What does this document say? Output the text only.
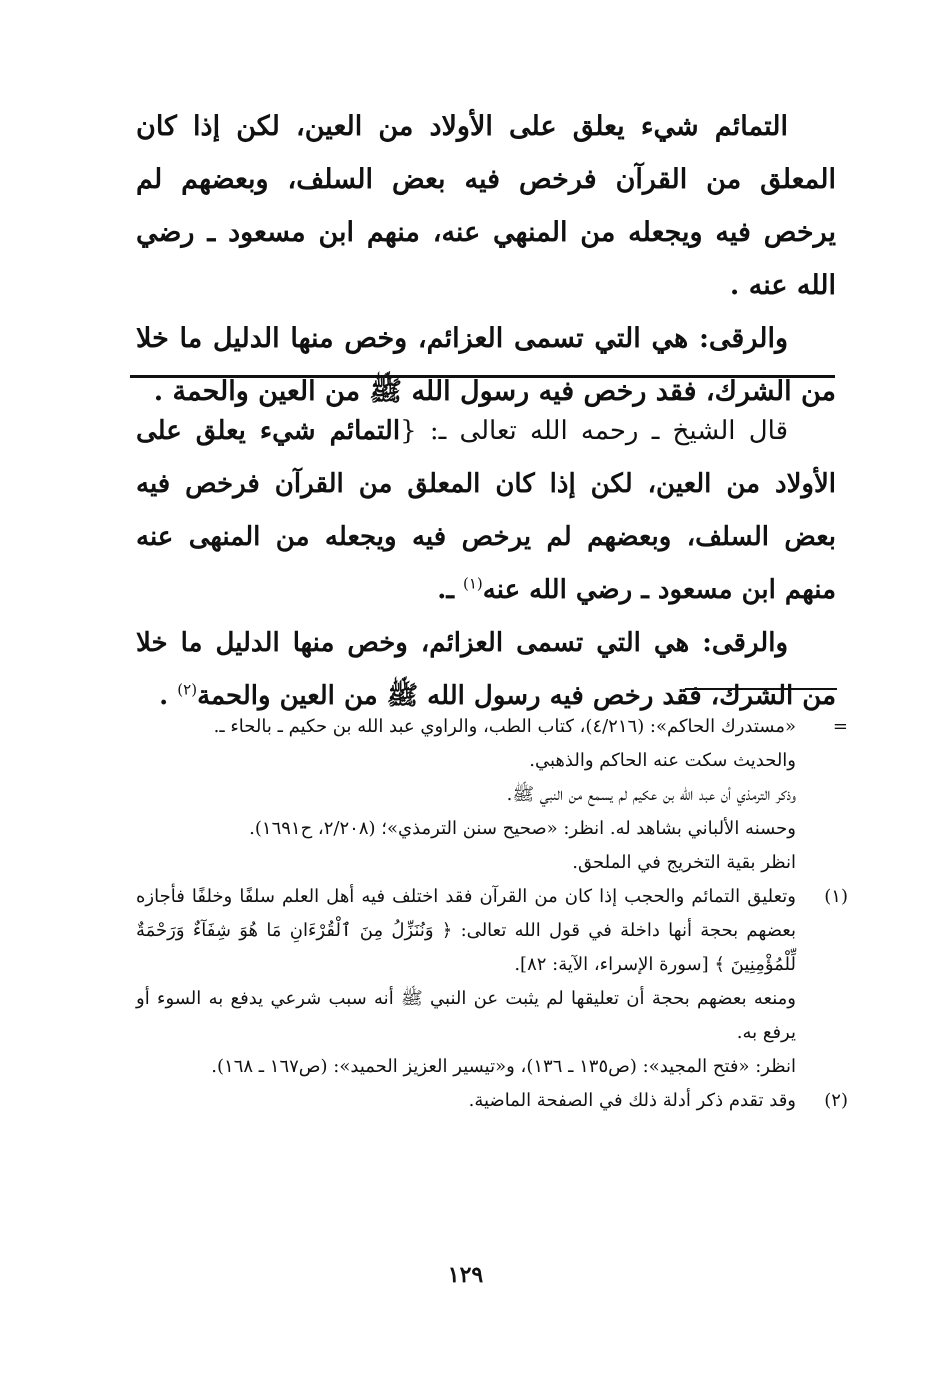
التمائم شيء يعلق على الأولاد من العين، لكن إذا كان المعلق من القرآن فرخص فيه بعض السلف، وبعضهم لم يرخص فيه ويجعله من المنهي عنه، منهم ابن مسعود ـ رضي الله عنه .

والرقى: هي التي تسمى العزائم، وخص منها الدليل ما خلا من الشرك، فقد رخص فيه رسول الله ﷺ من العين والحمة .

قال الشيخ ـ رحمه الله تعالى ـ: {التمائم شيء يعلق على الأولاد من العين، لكن إذا كان المعلق من القرآن فرخص فيه بعض السلف، وبعضهم لم يرخص فيه ويجعله من المنهى عنه منهم ابن مسعود ـ رضي الله عنه$^{(١)}$ ـ.

والرقى: هي التي تسمى العزائم، وخص منها الدليل ما خلا من الشرك، فقد رخص فيه رسول الله ﷺ من العين والحمة$^{(٢)}$ .

=

«مستدرك الحاكم»: (٤/٢١٦)، كتاب الطب، والراوي عبد الله بن حكيم ـ بالحاء ـ.

والحديث سكت عنه الحاكم والذهبي.

وذكر الترمذي أن عبد الله بن عكيم لم يسمع من النبي ﷺ.

وحسنه الألباني بشاهد له. انظر: «صحيح سنن الترمذي»؛ (٢/٢٠٨، ح١٦٩١).

انظر بقية التخريج في الملحق.

(١)

وتعليق التمائم والحجب إذا كان من القرآن فقد اختلف فيه أهل العلم سلفًا وخلفًا فأجازه بعضهم بحجة أنها داخلة في قول الله تعالى: ﴿ وَنُنَزِّلُ مِنَ ٱلْقُرْءَانِ مَا هُوَ شِفَآءٌ وَرَحْمَةٌ لِّلْمُؤْمِنِينَ ﴾ [سورة الإسراء، الآية: ٨٢].

ومنعه بعضهم بحجة أن تعليقها لم يثبت عن النبي ﷺ أنه سبب شرعي يدفع به السوء أو يرفع به.

انظر: «فتح المجيد»: (ص١٣٥ ـ ١٣٦)، و«تيسير العزيز الحميد»: (ص١٦٧ ـ ١٦٨).

(٢)

وقد تقدم ذكر أدلة ذلك في الصفحة الماضية.

١٢٩
